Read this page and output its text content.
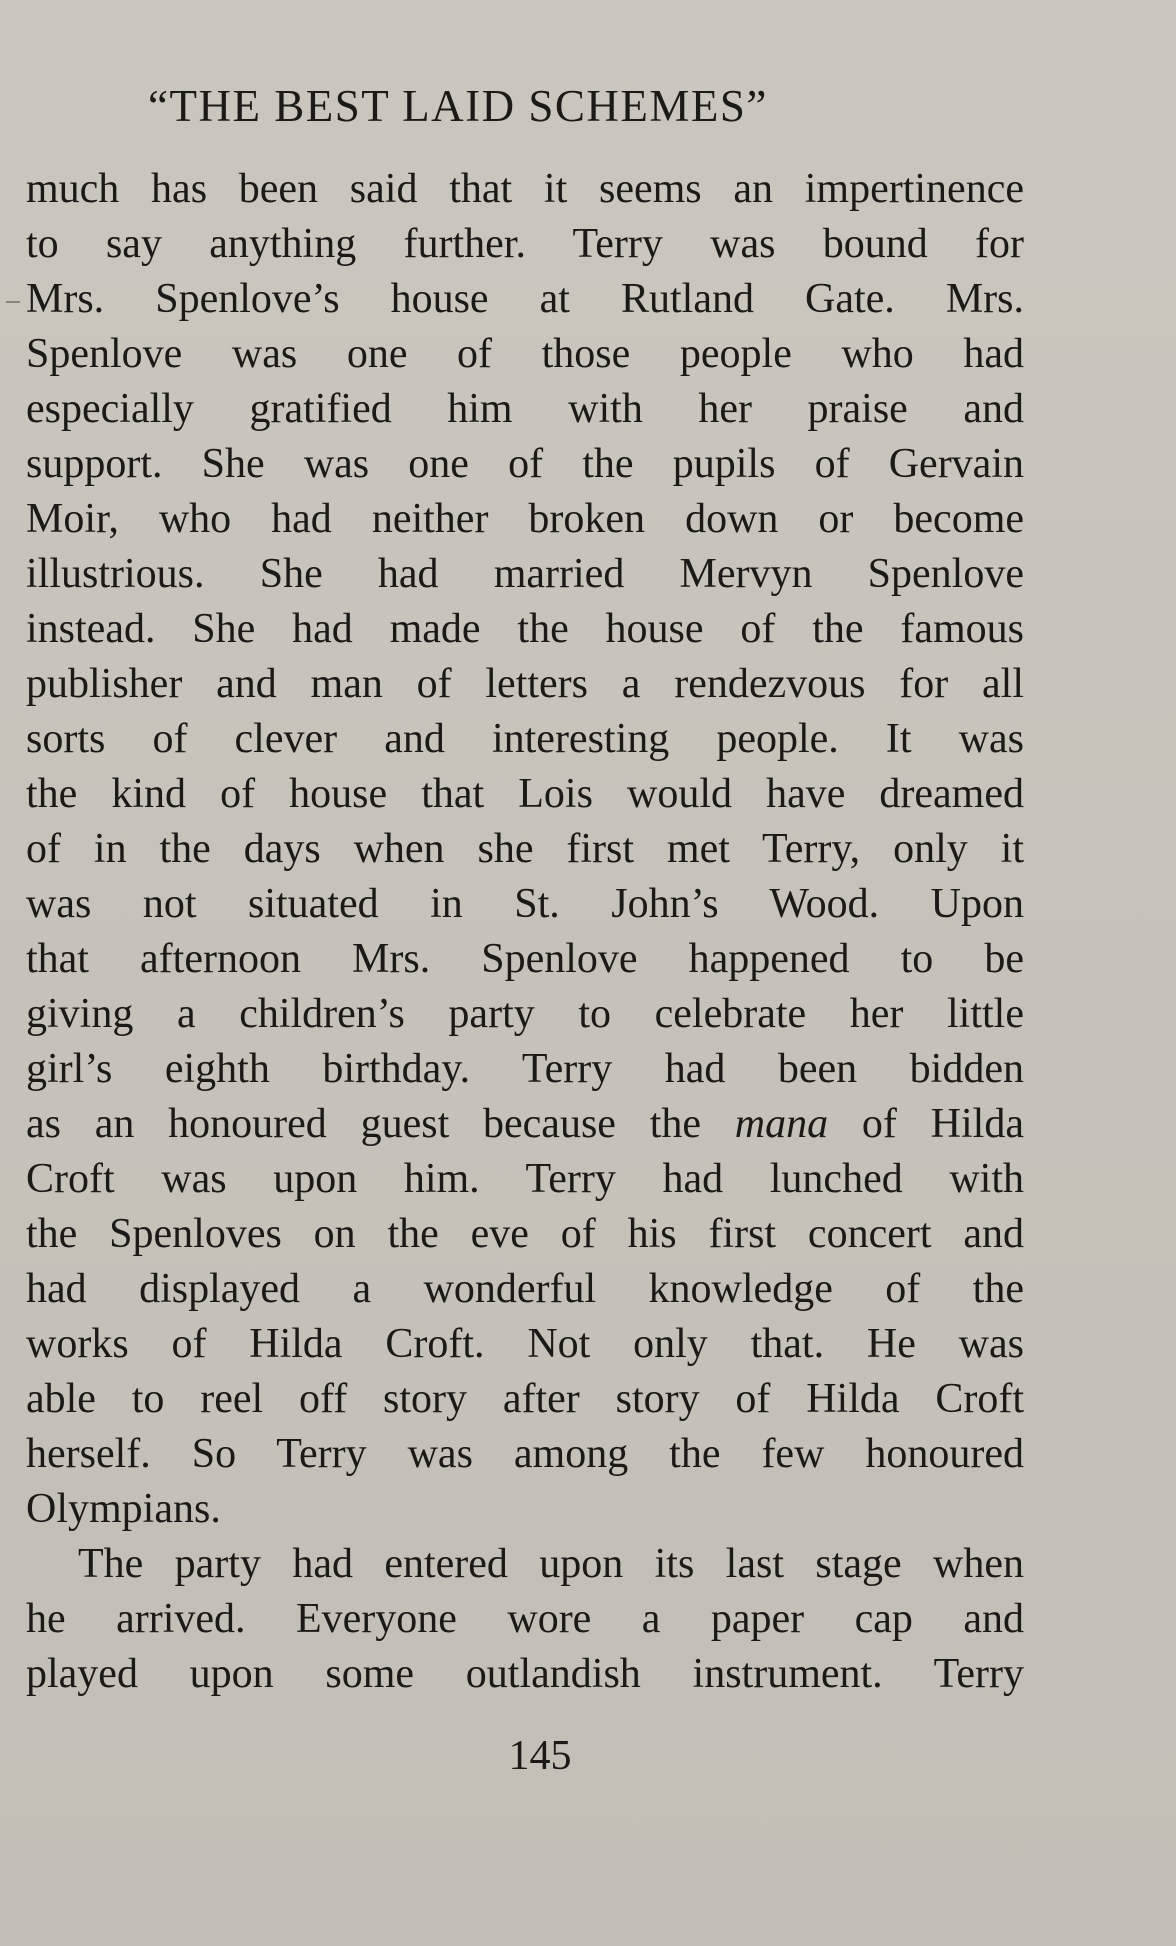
“THE BEST LAID SCHEMES”
much has been said that it seems an impertinence
to say anything further. Terry was bound for
Mrs. Spenlove’s house at Rutland Gate. Mrs.
Spenlove was one of those people who had
especially gratified him with her praise and
support. She was one of the pupils of Gervain
Moir, who had neither broken down or become
illustrious. She had married Mervyn Spenlove
instead. She had made the house of the famous
publisher and man of letters a rendezvous for all
sorts of clever and interesting people. It was
the kind of house that Lois would have dreamed
of in the days when she first met Terry, only it
was not situated in St. John’s Wood. Upon
that afternoon Mrs. Spenlove happened to be
giving a children’s party to celebrate her little
girl’s eighth birthday. Terry had been bidden
as an honoured guest because the mana of Hilda
Croft was upon him. Terry had lunched with
the Spenloves on the eve of his first concert and
had displayed a wonderful knowledge of the
works of Hilda Croft. Not only that. He was
able to reel off story after story of Hilda Croft
herself. So Terry was among the few honoured
Olympians.
The party had entered upon its last stage when
he arrived. Everyone wore a paper cap and
played upon some outlandish instrument. Terry
145
